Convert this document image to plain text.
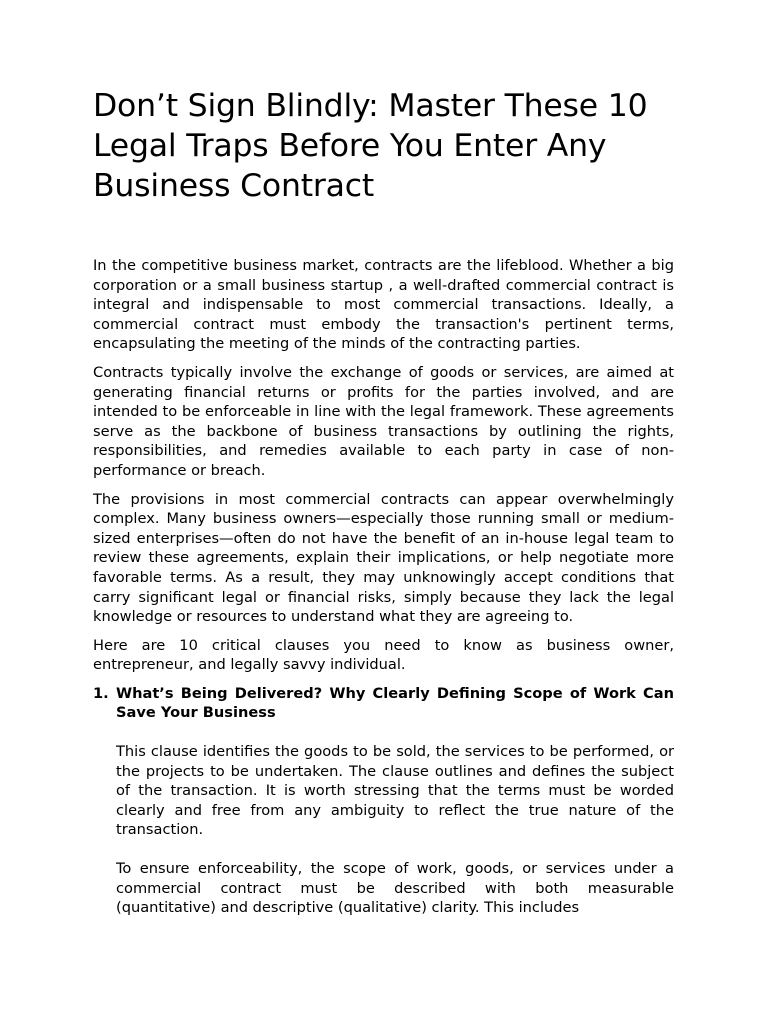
Don’t Sign Blindly: Master These 10 Legal Traps Before You Enter Any Business Contract

In the competitive business market, contracts are the lifeblood. Whether a big corporation or a small business startup , a well-drafted commercial contract is integral and indispensable to most commercial transactions. Ideally, a commercial contract must embody the transaction's pertinent terms, encapsulating the meeting of the minds of the contracting parties.

Contracts typically involve the exchange of goods or services, are aimed at generating financial returns or profits for the parties involved, and are intended to be enforceable in line with the legal framework. These agreements serve as the backbone of business transactions by outlining the rights, responsibilities, and remedies available to each party in case of non-performance or breach.

The provisions in most commercial contracts can appear overwhelmingly complex. Many business owners—especially those running small or medium-sized enterprises—often do not have the benefit of an in-house legal team to review these agreements, explain their implications, or help negotiate more favorable terms. As a result, they may unknowingly accept conditions that carry significant legal or financial risks, simply because they lack the legal knowledge or resources to understand what they are agreeing to.

Here are 10 critical clauses you need to know as business owner, entrepreneur, and legally savvy individual.

1. What’s Being Delivered? Why Clearly Defining Scope of Work Can Save Your Business

This clause identifies the goods to be sold, the services to be performed, or the projects to be undertaken. The clause outlines and defines the subject of the transaction. It is worth stressing that the terms must be worded clearly and free from any ambiguity to reflect the true nature of the transaction.

To ensure enforceability, the scope of work, goods, or services under a commercial contract must be described with both measurable (quantitative) and descriptive (qualitative) clarity. This includes
